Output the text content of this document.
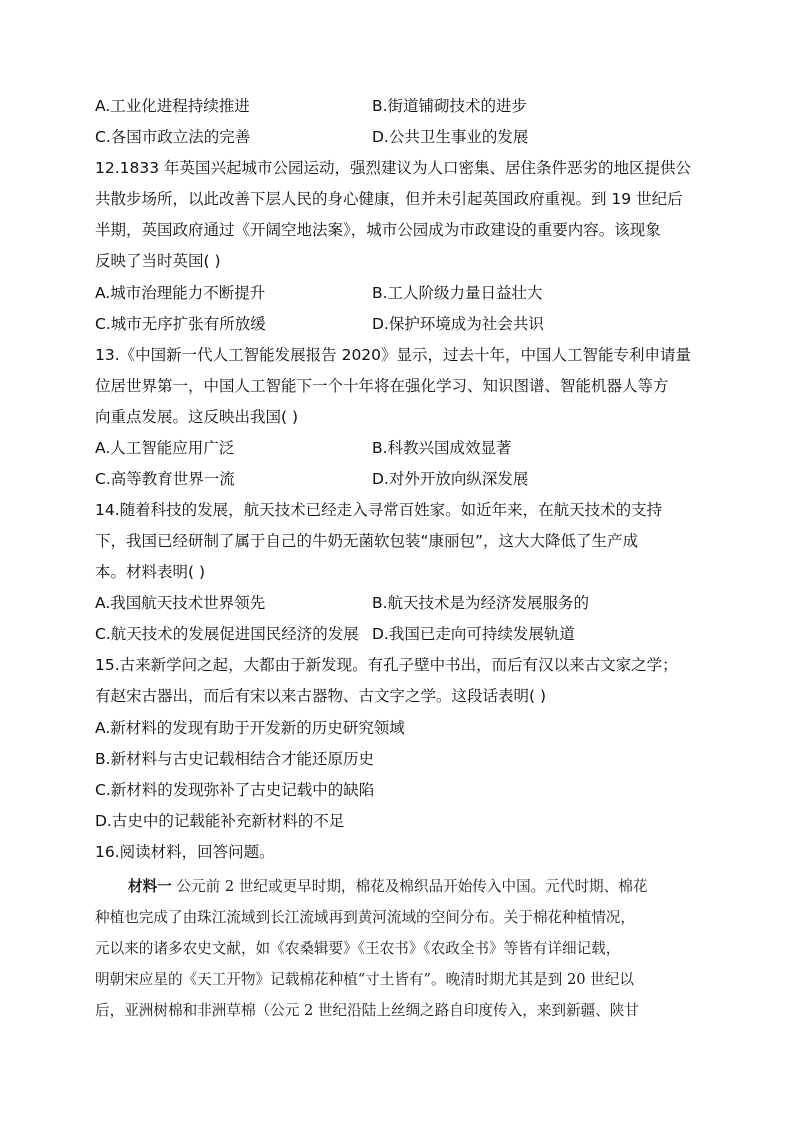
A.工业化进程持续推进	B.街道铺砌技术的进步
C.各国市政立法的完善	D.公共卫生事业的发展
12.1833 年英国兴起城市公园运动，强烈建议为人口密集、居住条件恶劣的地区提供公
共散步场所，以此改善下层人民的身心健康，但并未引起英国政府重视。到 19 世纪后
半期，英国政府通过《开阔空地法案》，城市公园成为市政建设的重要内容。该现象
反映了当时英国( )
A.城市治理能力不断提升	B.工人阶级力量日益壮大
C.城市无序扩张有所放缓	D.保护环境成为社会共识
13.《中国新一代人工智能发展报告 2020》显示，过去十年，中国人工智能专利申请量
位居世界第一，中国人工智能下一个十年将在强化学习、知识图谱、智能机器人等方
向重点发展。这反映出我国( )
A.人工智能应用广泛	B.科教兴国成效显著
C.高等教育世界一流	D.对外开放向纵深发展
14.随着科技的发展，航天技术已经走入寻常百姓家。如近年来，在航天技术的支持
下，我国已经研制了属于自己的牛奶无菌软包装“康丽包”，这大大降低了生产成
本。材料表明( )
A.我国航天技术世界领先	B.航天技术是为经济发展服务的
C.航天技术的发展促进国民经济的发展 D.我国已走向可持续发展轨道
15.古来新学问之起，大都由于新发现。有孔子壁中书出，而后有汉以来古文家之学；
有赵宋古器出，而后有宋以来古器物、古文字之学。这段话表明( )
A.新材料的发现有助于开发新的历史研究领域
B.新材料与古史记载相结合才能还原历史
C.新材料的发现弥补了古史记载中的缺陷
D.古史中的记载能补充新材料的不足
16.阅读材料，回答问题。
材料一 公元前 2 世纪或更早时期，棉花及棉织品开始传入中国。元代时期、棉花
种植也完成了由珠江流域到长江流域再到黄河流域的空间分布。关于棉花种植情况，
元以来的诸多农史文献，如《农桑辑要》《王农书》《农政全书》等皆有详细记载，
明朝宋应星的《天工开物》记载棉花种植“寸土皆有”。晚清时期尤其是到 20 世纪以
后，亚洲树棉和非洲草棉（公元 2 世纪沿陆上丝绸之路自印度传入，来到新疆、陕甘
